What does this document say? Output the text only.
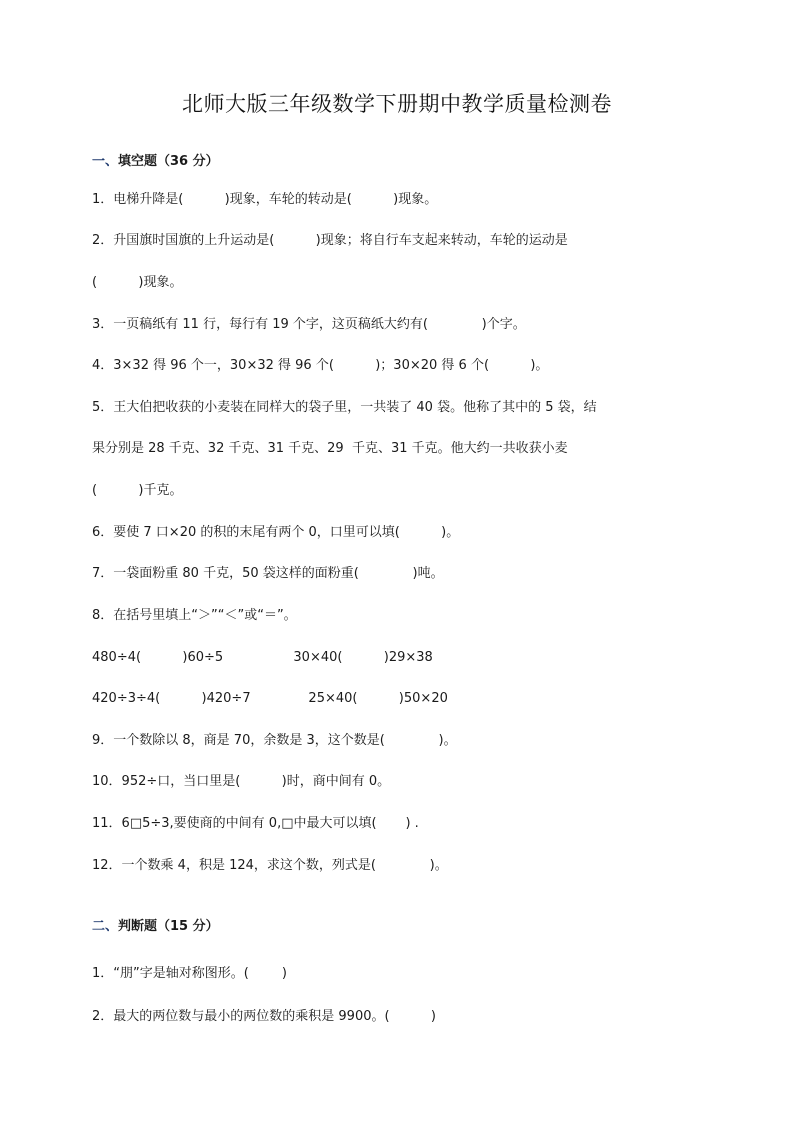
北师大版三年级数学下册期中教学质量检测卷
一、填空题（36 分）
1．电梯升降是(          )现象，车轮的转动是(          )现象。
2．升国旗时国旗的上升运动是(          )现象；将自行车支起来转动，车轮的运动是
(          )现象。
3．一页稿纸有 11 行，每行有 19 个字，这页稿纸大约有(             )个字。
4．3×32 得 96 个一，30×32 得 96 个(          )；30×20 得 6 个(          )。
5．王大伯把收获的小麦装在同样大的袋子里，一共装了 40 袋。他称了其中的 5 袋，结
果分别是 28 千克、32 千克、31 千克、29  千克、31 千克。他大约一共收获小麦
(          )千克。
6．要使 7 口×20 的积的末尾有两个 0，口里可以填(          )。
7．一袋面粉重 80 千克，50 袋这样的面粉重(             )吨。
8．在括号里填上“＞”“＜”或“＝”。
480÷4(          )60÷5                 30×40(          )29×38
420÷3÷4(          )420÷7              25×40(          )50×20
9．一个数除以 8，商是 70，余数是 3，这个数是(             )。
10．952÷口，当口里是(          )时，商中间有 0。
11．6□5÷3,要使商的中间有 0,□中最大可以填(       ) .
12．一个数乘 4，积是 124，求这个数，列式是(             )。
二、判断题（15 分）
1．“朋”字是轴对称图形。(        )
2．最大的两位数与最小的两位数的乘积是 9900。(          )
